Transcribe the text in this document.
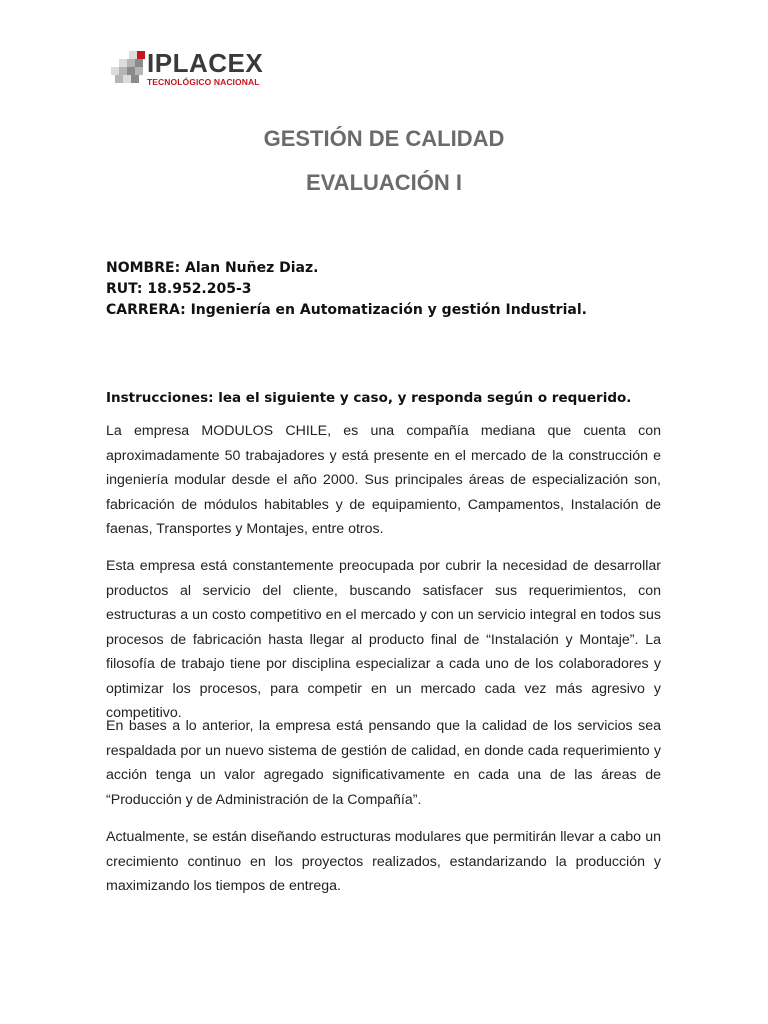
IPLACEX
TECNOLÓGICO NACIONAL
GESTIÓN DE CALIDAD
EVALUACIÓN I
NOMBRE: Alan Nuñez Diaz.
RUT: 18.952.205-3
CARRERA: Ingeniería en Automatización y gestión Industrial.
Instrucciones: lea el siguiente y caso, y responda según o requerido.

La empresa MODULOS CHILE, es una compañía mediana que cuenta con aproximadamente 50 trabajadores y está presente en el mercado de la construcción e ingeniería modular desde el año 2000. Sus principales áreas de especialización son, fabricación de módulos habitables y de equipamiento, Campamentos, Instalación de faenas, Transportes y Montajes, entre otros.

Esta empresa está constantemente preocupada por cubrir la necesidad de desarrollar productos al servicio del cliente, buscando satisfacer sus requerimientos, con estructuras a un costo competitivo en el mercado y con un servicio integral en todos sus procesos de fabricación hasta llegar al producto final de “Instalación y Montaje”. La filosofía de trabajo tiene por disciplina especializar a cada uno de los colaboradores y optimizar los procesos, para competir en un mercado cada vez más agresivo y competitivo.

En bases a lo anterior, la empresa está pensando que la calidad de los servicios sea respaldada por un nuevo sistema de gestión de calidad, en donde cada requerimiento y acción tenga un valor agregado significativamente en cada una de las áreas de “Producción y de Administración de la Compañía”.

Actualmente, se están diseñando estructuras modulares que permitirán llevar a cabo un crecimiento continuo en los proyectos realizados, estandarizando la producción y maximizando los tiempos de entrega.
